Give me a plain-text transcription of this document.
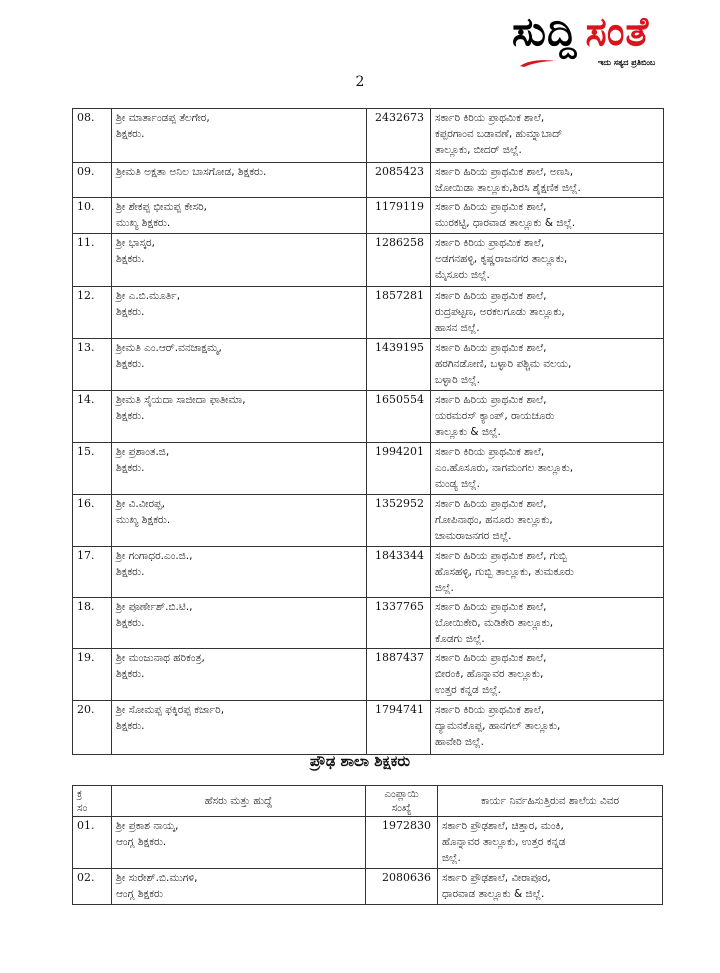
ಸುದ್ದಿ ಸಂತೆ
ಇದು ಸತ್ಯದ ಪ್ರತಿಬಿಂಬ
2
08.	ಶ್ರೀ ಮಾರ್ತಾಂಡಪ್ಪ ತೆಲಗೇರ,
ಶಿಕ್ಷಕರು.	2432673	ಸರ್ಕಾರಿ ಕಿರಿಯ ಪ್ರಾಥಮಿಕ ಶಾಲೆ,
ಕಪ್ಪರಗಾಂವ ಬಡಾವಣೆ, ಹುಮ್ನಾಬಾದ್
ತಾಲ್ಲೂಕು, ಬೀದರ್ ಜಿಲ್ಲೆ.
09.	ಶ್ರೀಮತಿ ಅಕ್ಷತಾ ಅನಿಲ ಬಾಸಗೋಡ, ಶಿಕ್ಷಕರು.	2085423	ಸರ್ಕಾರಿ ಹಿರಿಯ ಪ್ರಾಥಮಿಕ ಶಾಲೆ, ಅಣಸಿ,
ಜೋಯಿಡಾ ತಾಲ್ಲೂಕು,ಶಿರಸಿ ಶೈಕ್ಷಣಿಕ ಜಿಲ್ಲೆ.
10.	ಶ್ರೀ ಶೇಕಪ್ಪ ಭೀಮಪ್ಪ ಕೇಸರಿ,
ಮುಖ್ಯ ಶಿಕ್ಷಕರು.	1179119	ಸರ್ಕಾರಿ ಹಿರಿಯ ಪ್ರಾಥಮಿಕ ಶಾಲೆ,
ಮುರಕಟ್ಟಿ, ಧಾರವಾಡ ತಾಲ್ಲೂಕು & ಜಿಲ್ಲೆ.
11.	ಶ್ರೀ ಭಾಸ್ಕರ,
ಶಿಕ್ಷಕರು.	1286258	ಸರ್ಕಾರಿ ಕಿರಿಯ ಪ್ರಾಥಮಿಕ ಶಾಲೆ,
ಅಡಗನಹಳ್ಳಿ, ಕೃಷ್ಣರಾಜನಗರ ತಾಲ್ಲೂಕು,
ಮೈಸೂರು ಜಿಲ್ಲೆ.
12.	ಶ್ರೀ ಎ.ಬಿ.ಮೂರ್ತಿ,
ಶಿಕ್ಷಕರು.	1857281	ಸರ್ಕಾರಿ ಹಿರಿಯ ಪ್ರಾಥಮಿಕ ಶಾಲೆ,
ರುದ್ರಪಟ್ಟಣ, ಅರಕಲಗೂಡು ತಾಲ್ಲೂಕು,
ಹಾಸನ ಜಿಲ್ಲೆ.
13.	ಶ್ರೀಮತಿ ಎಂ.ಆರ್.ವನಜಾಕ್ಷಮ್ಮ,
ಶಿಕ್ಷಕರು.	1439195	ಸರ್ಕಾರಿ ಹಿರಿಯ ಪ್ರಾಥಮಿಕ ಶಾಲೆ,
ಹರಗಿನಡೋಣಿ, ಬಳ್ಳಾರಿ ಪಶ್ಚಿಮ ವಲಯ,
ಬಳ್ಳಾರಿ ಜಿಲ್ಲೆ.
14.	ಶ್ರೀಮತಿ ಸೈಯದಾ ಸಾಜೀದಾ ಫಾತೀಮಾ,
ಶಿಕ್ಷಕರು.	1650554	ಸರ್ಕಾರಿ ಹಿರಿಯ ಪ್ರಾಥಮಿಕ ಶಾಲೆ,
ಯರಮರಸ್ ಕ್ಯಾಂಪ್, ರಾಯಚೂರು
ತಾಲ್ಲೂಕು & ಜಿಲ್ಲೆ.
15.	ಶ್ರೀ ಪ್ರಶಾಂತ.ಜಿ,
ಶಿಕ್ಷಕರು.	1994201	ಸರ್ಕಾರಿ ಕಿರಿಯ ಪ್ರಾಥಮಿಕ ಶಾಲೆ,
ಎಂ.ಹೊಸೂರು, ನಾಗಮಂಗಲ ತಾಲ್ಲೂಕು,
ಮಂಡ್ಯ ಜಿಲ್ಲೆ.
16.	ಶ್ರೀ ವಿ.ವೀರಪ್ಪ,
ಮುಖ್ಯ ಶಿಕ್ಷಕರು.	1352952	ಸರ್ಕಾರಿ ಹಿರಿಯ ಪ್ರಾಥಮಿಕ ಶಾಲೆ,
ಗೋಪಿನಾಥಂ, ಹನೂರು ತಾಲ್ಲೂಕು,
ಚಾಮರಾಜನಗರ ಜಿಲ್ಲೆ.
17.	ಶ್ರೀ ಗಂಗಾಧರ.ಎಂ.ಜಿ.,
ಶಿಕ್ಷಕರು.	1843344	ಸರ್ಕಾರಿ ಹಿರಿಯ ಪ್ರಾಥಮಿಕ ಶಾಲೆ, ಗುಬ್ಬಿ
ಹೊಸಹಳ್ಳಿ, ಗುಬ್ಬಿ ತಾಲ್ಲೂಕು, ತುಮಕೂರು
ಜಿಲ್ಲೆ.
18.	ಶ್ರೀ ಪೂರ್ಣೇಶ್.ಬಿ.ಟಿ.,
ಶಿಕ್ಷಕರು.	1337765	ಸರ್ಕಾರಿ ಹಿರಿಯ ಪ್ರಾಥಮಿಕ ಶಾಲೆ,
ಬೋಯಿಕೇರಿ, ಮಡಿಕೇರಿ ತಾಲ್ಲೂಕು,
ಕೊಡಗು ಜಿಲ್ಲೆ.
19.	ಶ್ರೀ ಮಂಜುನಾಥ ಹರಿಕಂತ್ರ,
ಶಿಕ್ಷಕರು.	1887437	ಸರ್ಕಾರಿ ಹಿರಿಯ ಪ್ರಾಥಮಿಕ ಶಾಲೆ,
ಬೀರಂಕಿ, ಹೊನ್ನಾವರ ತಾಲ್ಲೂಕು,
ಉತ್ತರ ಕನ್ನಡ ಜಿಲ್ಲೆ.
20.	ಶ್ರೀ ಸೋಮಪ್ಪ ಫಕ್ಕಿರಪ್ಪ ಕರ್ಜಾರಿ,
ಶಿಕ್ಷಕರು.	1794741	ಸರ್ಕಾರಿ ಕಿರಿಯ ಪ್ರಾಥಮಿಕ ಶಾಲೆ,
ದ್ಯಾಮನಕೊಪ್ಪ, ಹಾನಗಲ್ ತಾಲ್ಲೂಕು,
ಹಾವೇರಿ ಜಿಲ್ಲೆ.
ಪ್ರೌಢ ಶಾಲಾ ಶಿಕ್ಷಕರು
ಕ್ರ
ಸಂ	ಹೆಸರು ಮತ್ತು ಹುದ್ದೆ	ಎಂಪ್ಲಾಯಿ
ಸಂಖ್ಯೆ	ಕಾರ್ಯ ನಿರ್ವಹಿಸುತ್ತಿರುವ ಶಾಲೆಯ ವಿವರ
01.	ಶ್ರೀ ಪ್ರಕಾಶ ನಾಯ್ಕ,
ಆಂಗ್ಲ ಶಿಕ್ಷಕರು.	1972830	ಸರ್ಕಾರಿ ಪ್ರೌಢಶಾಲೆ, ಚಿತ್ತಾರ, ಮಂಕಿ,
ಹೊನ್ನಾವರ ತಾಲ್ಲೂಕು, ಉತ್ತರ ಕನ್ನಡ
ಜಿಲ್ಲೆ.
02.	ಶ್ರೀ ಸುರೇಶ್.ಬಿ.ಮುಗಳಿ,
ಆಂಗ್ಲ ಶಿಕ್ಷಕರು	2080636	ಸರ್ಕಾರಿ ಪ್ರೌಢಶಾಲೆ, ವೀರಾಪೂರ,
ಧಾರವಾಡ ತಾಲ್ಲೂಕು & ಜಿಲ್ಲೆ.
